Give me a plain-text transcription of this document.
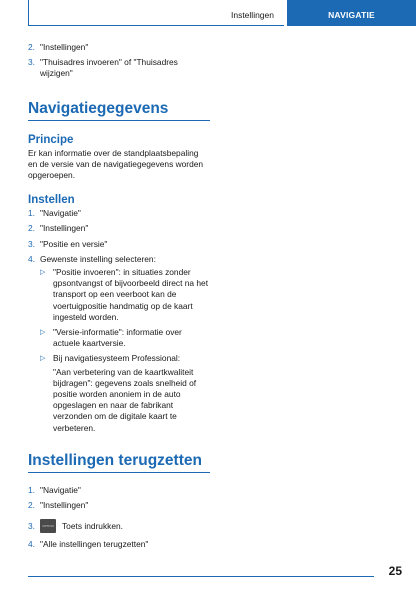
Instellingen	NAVIGATIE
2. "Instellingen"
3. "Thuisadres invoeren" of "Thuisadres wijzigen"
Navigatiegegevens
Principe

Er kan informatie over de standplaatsbepaling en de versie van de navigatiegegevens worden opgeroepen.

Instellen
1. "Navigatie"
2. "Instellingen"
3. "Positie en versie"
4. Gewenste instelling selecteren:
▷ "Positie invoeren": in situaties zonder gpsontvangst of bijvoorbeeld direct na het transport op een veerboot kan de voertuigpositie handmatig op de kaart ingesteld worden.
▷ "Versie-informatie": informatie over actuele kaartversie.
▷ Bij navigatiesysteem Professional:

"Aan verbetering van de kaartkwaliteit bijdragen": gegevens zoals snelheid of positie worden anoniem in de auto opgeslagen en naar de fabrikant verzonden om de digitale kaart te verbeteren.

Instellingen terugzetten
1. "Navigatie"
2. "Instellingen"
3.	OPTION Toets indrukken.
4. "Alle instellingen terugzetten"
25
